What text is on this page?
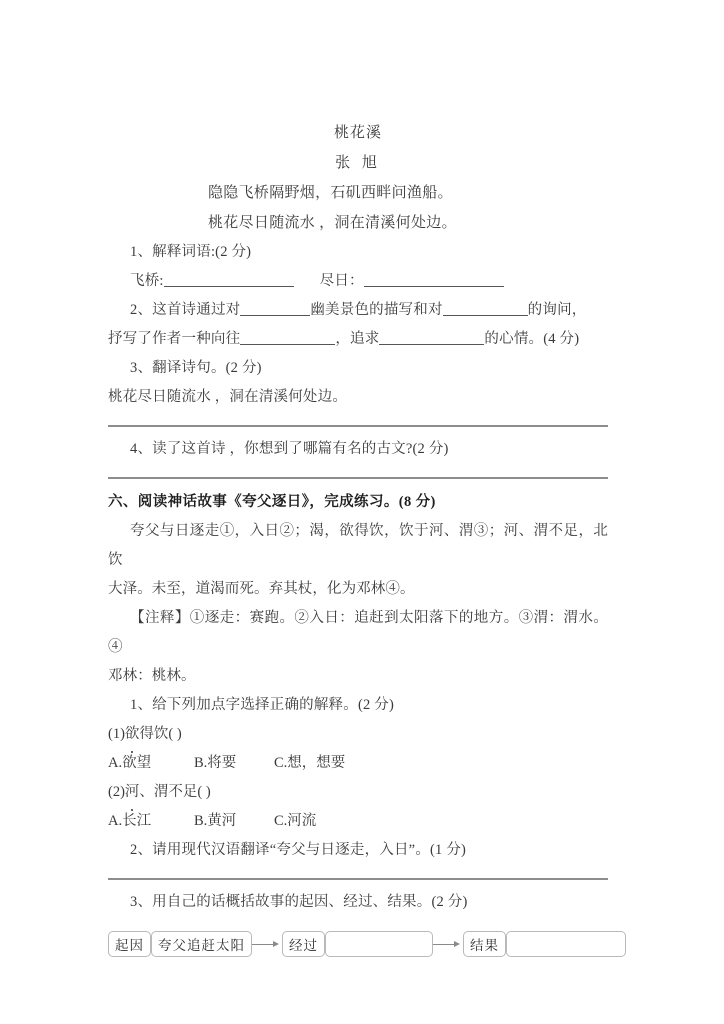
桃花溪
张 旭
隐隐飞桥隔野烟，石矶西畔问渔船。
桃花尽日随流水 ，洞在清溪何处边。
1、解释词语:(2 分)
飞桥:	尽日：
2、这首诗通过对	幽美景色的描写和对	的询问，
抒写了作者一种向往	，追求	的心情。(4 分)
3、翻译诗句。(2 分)
桃花尽日随流水 ，洞在清溪何处边。
4、读了这首诗 ，你想到了哪篇有名的古文?(2 分)
六、阅读神话故事《夸父逐日》，完成练习。(8 分)
夸父与日逐走①，入日②；渴，欲得饮，饮于河、渭③；河、渭不足，北饮
大泽。未至，道渴而死。弃其杖，化为邓林④。
【注释】①逐走：赛跑。②入日：追赶到太阳落下的地方。③渭：渭水。④
邓林：桃林。
1、给下列加点字选择正确的解释。(2 分)
(1)欲得饮( )
A.欲望	B.将要	C.想，想要
(2)河、渭不足( )
A.长江	B.黄河	C.河流
2、请用现代汉语翻译“夸父与日逐走，入日”。(1 分)
3、用自己的话概括故事的起因、经过、结果。(2 分)
起因	夸父追赶太阳	经过	结果
